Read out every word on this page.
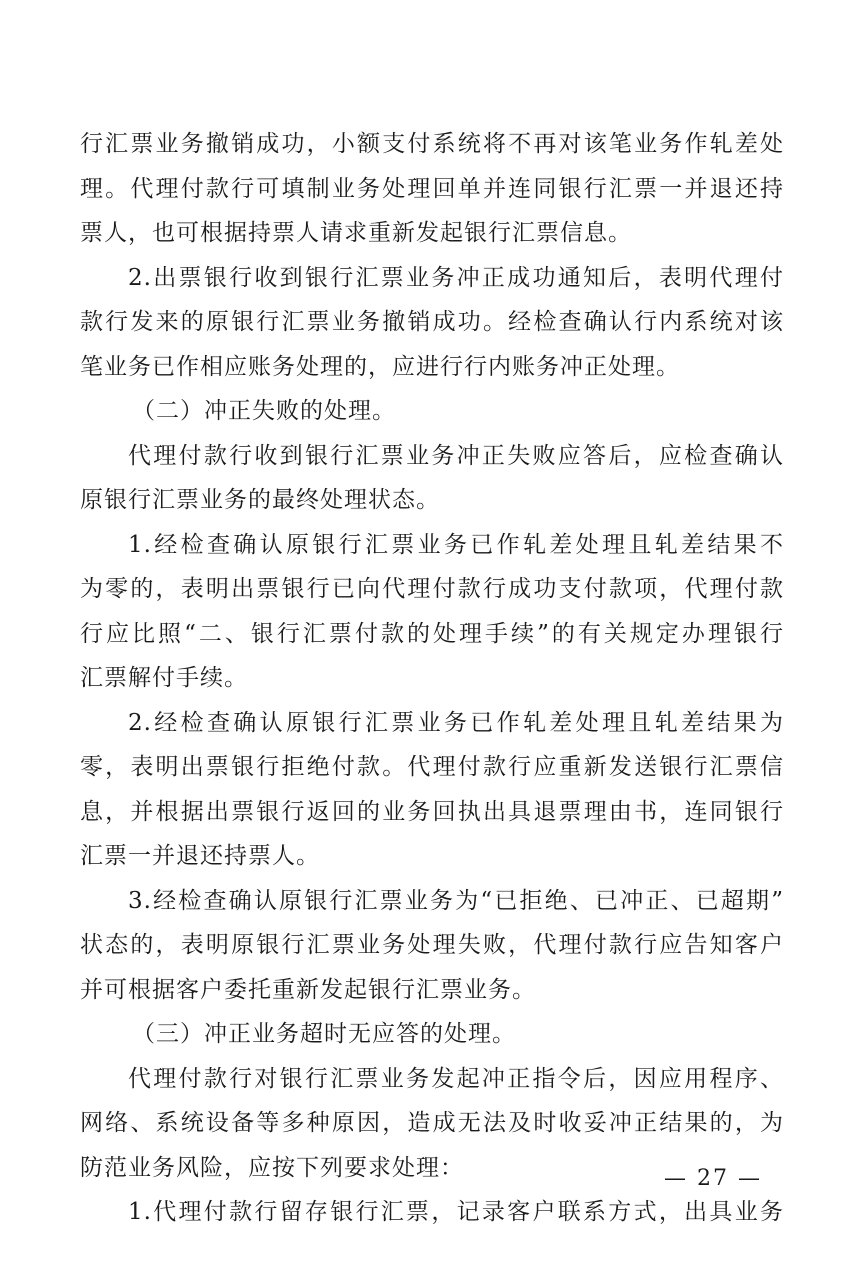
行汇票业务撤销成功，小额支付系统将不再对该笔业务作轧差处
理。代理付款行可填制业务处理回单并连同银行汇票一并退还持
票人，也可根据持票人请求重新发起银行汇票信息。
2.出票银行收到银行汇票业务冲正成功通知后，表明代理付
款行发来的原银行汇票业务撤销成功。经检查确认行内系统对该
笔业务已作相应账务处理的，应进行行内账务冲正处理。
（二）冲正失败的处理。
代理付款行收到银行汇票业务冲正失败应答后，应检查确认
原银行汇票业务的最终处理状态。
1.经检查确认原银行汇票业务已作轧差处理且轧差结果不
为零的，表明出票银行已向代理付款行成功支付款项，代理付款
行应比照“二、银行汇票付款的处理手续”的有关规定办理银行
汇票解付手续。
2.经检查确认原银行汇票业务已作轧差处理且轧差结果为
零，表明出票银行拒绝付款。代理付款行应重新发送银行汇票信
息，并根据出票银行返回的业务回执出具退票理由书，连同银行
汇票一并退还持票人。
3.经检查确认原银行汇票业务为“已拒绝、已冲正、已超期”
状态的，表明原银行汇票业务处理失败，代理付款行应告知客户
并可根据客户委托重新发起银行汇票业务。
（三）冲正业务超时无应答的处理。
代理付款行对银行汇票业务发起冲正指令后，因应用程序、
网络、系统设备等多种原因，造成无法及时收妥冲正结果的，为
防范业务风险，应按下列要求处理：
1.代理付款行留存银行汇票，记录客户联系方式，出具业务
— 27 —
